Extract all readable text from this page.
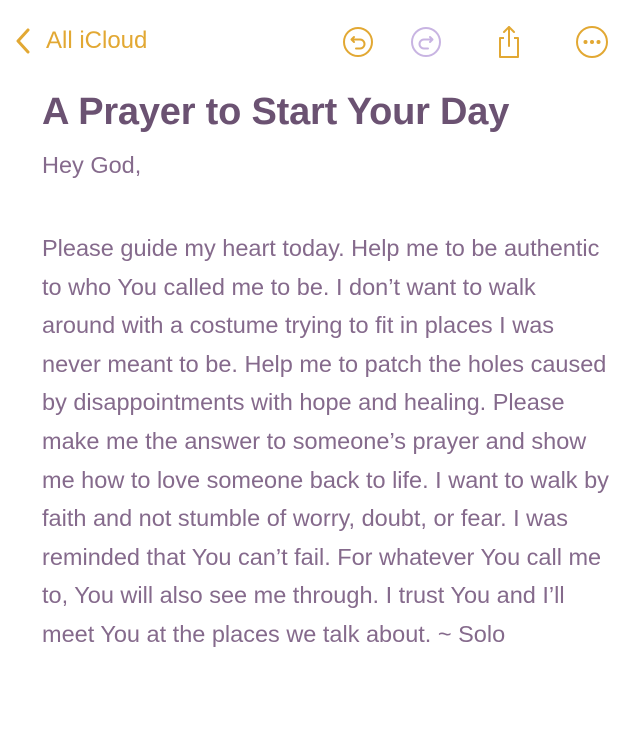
All iCloud
A Prayer to Start Your Day

Hey God,

Please guide my heart today. Help me to be authentic to who You called me to be. I don’t want to walk around with a costume trying to fit in places I was never meant to be. Help me to patch the holes caused by disappointments with hope and healing. Please make me the answer to someone’s prayer and show me how to love someone back to life. I want to walk by faith and not stumble of worry, doubt, or fear. I was reminded that You can’t fail. For whatever You call me to, You will also see me through. I trust You and I’ll meet You at the places we talk about. ~ Solo
